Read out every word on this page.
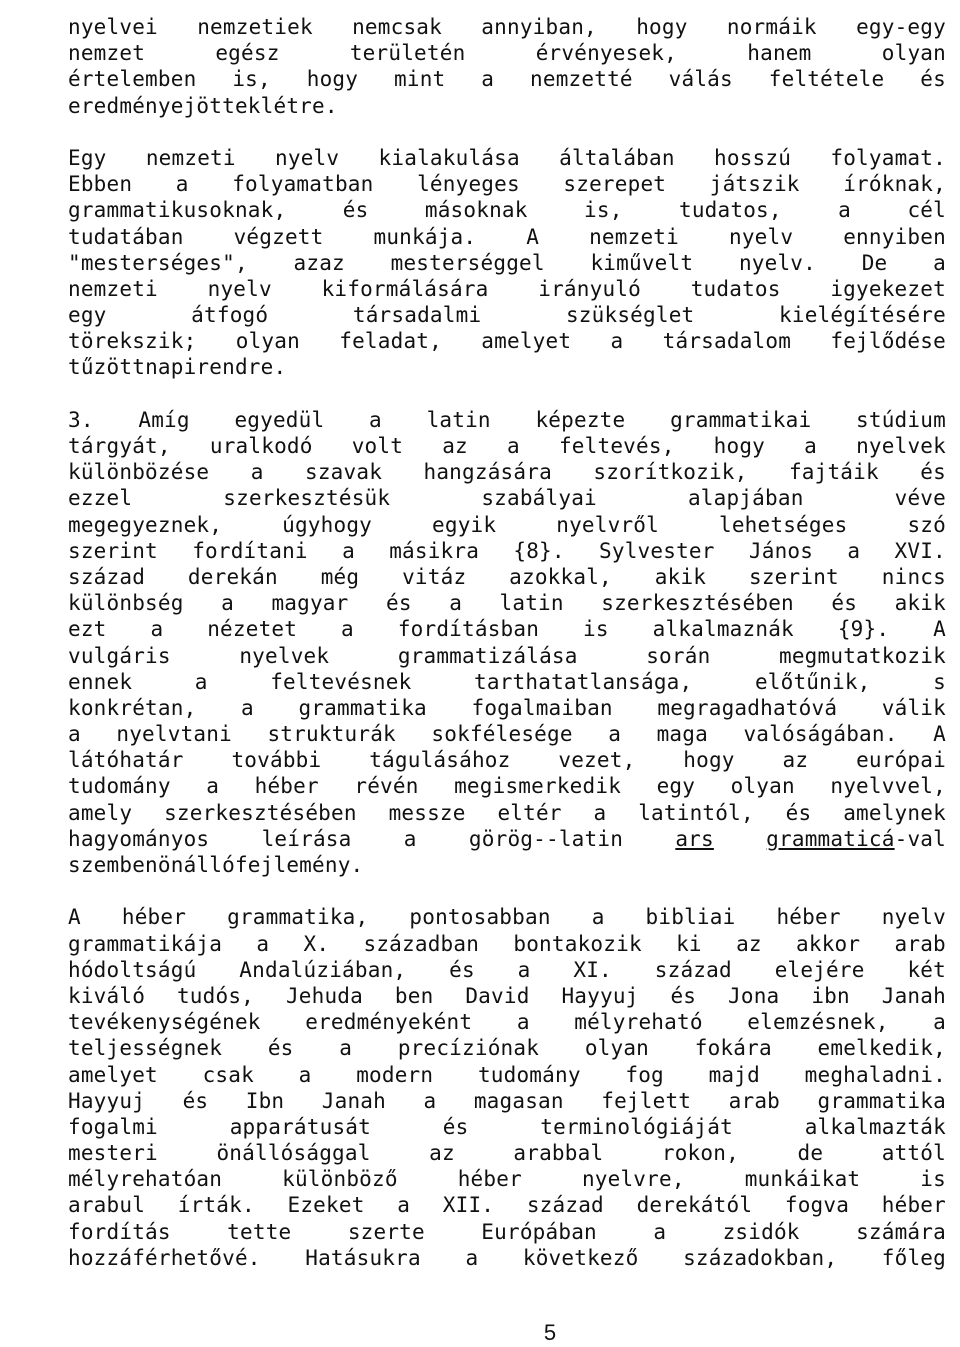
nyelvei nemzetiek nemcsak annyiban, hogy normáik egy-egy
nemzet	egész	területén	érvényesek,	hanem	olyan
értelemben is, hogy mint a nemzetté válás feltétele és
eredménye jöttek létre.
Egy nemzeti nyelv kialakulása általában hosszú folyamat.
Ebben a folyamatban lényeges szerepet játszik íróknak,
grammatikusoknak,	és	másoknak	is,	tudatos,	a	cél
tudatában végzett munkája. A nemzeti nyelv ennyiben
"mesterséges", azaz mesterséggel kiművelt nyelv. De a
nemzeti nyelv kiformálására irányuló tudatos igyekezet
egy	átfogó	társadalmi	szükséglet	kielégítésére
törekszik; olyan feladat, amelyet a társadalom fejlődése
tűzött napirendre.
3. Amíg egyedül a latin képezte grammatikai stúdium
tárgyát, uralkodó volt az a feltevés, hogy a nyelvek
különbözése a szavak hangzására szorítkozik, fajtáik és
ezzel	szerkesztésük	szabályai	alapjában	véve
megegyeznek,	úgyhogy	egyik	nyelvről	lehetséges	szó
szerint fordítani a másikra {8}. Sylvester János a XVI.
század derekán még vitáz azokkal, akik szerint nincs
különbség a magyar és a latin szerkesztésében és akik
ezt a nézetet a fordításban is alkalmaznák {9}. A
vulgáris	nyelvek	grammatizálása	során	megmutatkozik
ennek	a	feltevésnek	tarthatatlansága,	előtűnik,	s
konkrétan, a grammatika fogalmaiban megragadhatóvá válik
a nyelvtani strukturák sokfélesége a maga valóságában. A
látóhatár további tágulásához vezet, hogy az európai
tudomány a héber révén megismerkedik egy olyan nyelvvel,
amely szerkesztésében messze eltér a latintól, és amelynek
hagyományos leírása a görög--latin ars grammaticá-val
szemben önálló fejlemény.
A héber grammatika, pontosabban a bibliai héber nyelv
grammatikája a X. században bontakozik ki az akkor arab
hódoltságú Andalúziában, és a XI. század elejére két
kiváló tudós, Jehuda ben David Hayyuj és Jona ibn Janah
tevékenységének eredményeként a mélyreható elemzésnek, a
teljességnek és a precíziónak olyan fokára emelkedik,
amelyet csak a modern tudomány fog majd meghaladni.
Hayyuj és Ibn Janah a magasan fejlett arab grammatika
fogalmi	apparátusát	és	terminológiáját	alkalmazták
mesteri	önállósággal	az	arabbal	rokon,	de	attól
mélyrehatóan	különböző	héber	nyelvre,	munkáikat	is
arabul írták. Ezeket a XII. század derekától fogva héber
fordítás	tette	szerte	Európában	a	zsidók	számára
hozzáférhetővé. Hatásukra a következő századokban, főleg
5
